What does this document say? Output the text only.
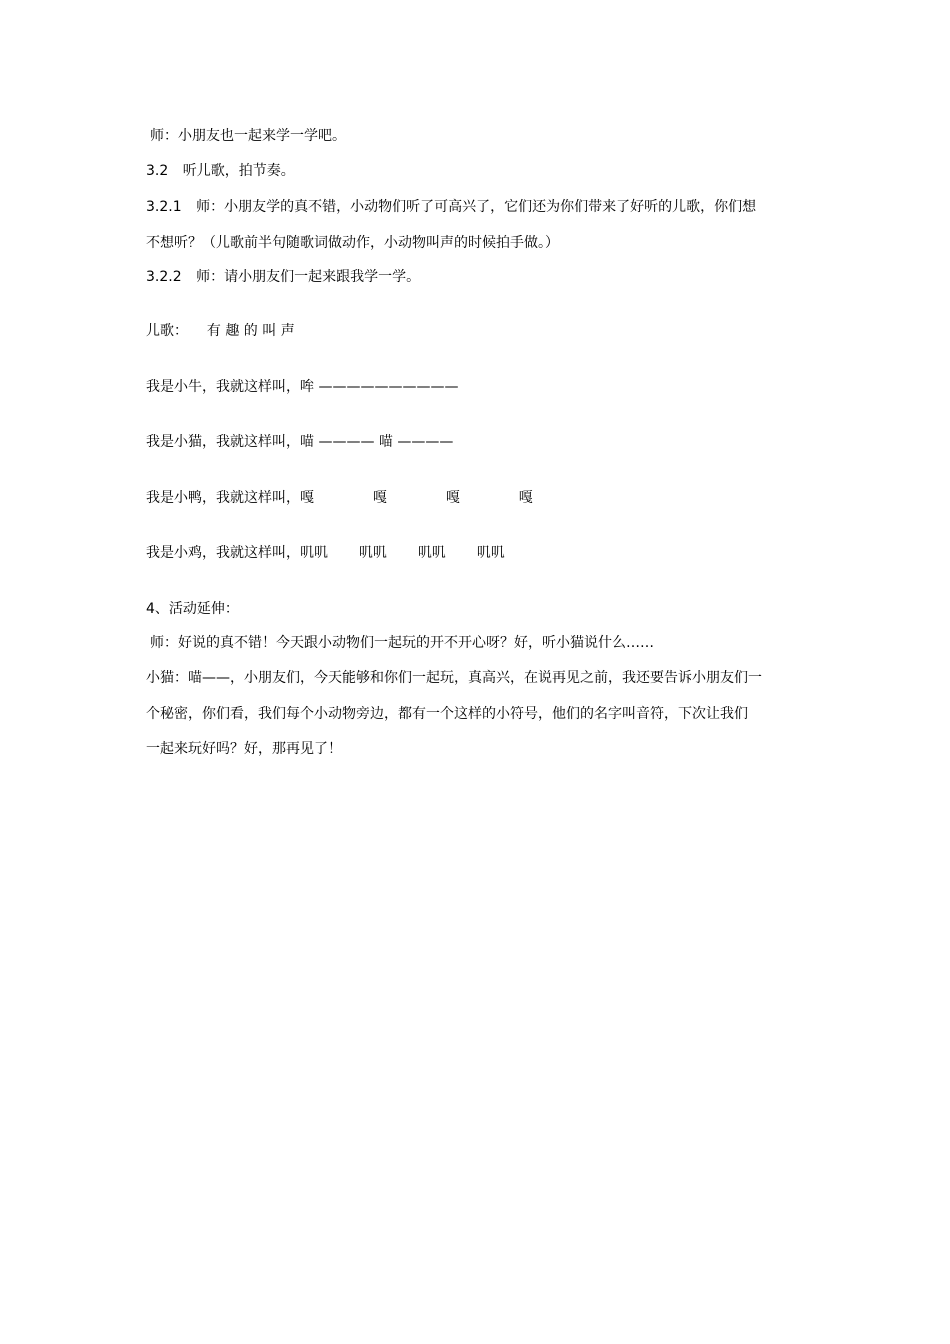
师：小朋友也一起来学一学吧。
3.2 听儿歌，拍节奏。
3.2.1 师：小朋友学的真不错，小动物们听了可高兴了，它们还为你们带来了好听的儿歌，你们想
不想听？（儿歌前半句随歌词做动作，小动物叫声的时候拍手做。）
3.2.2 师：请小朋友们一起来跟我学一学。
儿歌： 有 趣 的 叫 声
我是小牛，我就这样叫，哞 ——————————
我是小猫，我就这样叫，喵 ———— 喵 ————
我是小鸭，我就这样叫，嘎	嘎	嘎	嘎
我是小鸡，我就这样叫，叽叽 叽叽 叽叽 叽叽
4、活动延伸：
师：好说的真不错！今天跟小动物们一起玩的开不开心呀？好，听小猫说什么……
小猫：喵——，小朋友们，今天能够和你们一起玩，真高兴，在说再见之前，我还要告诉小朋友们一
个秘密，你们看，我们每个小动物旁边，都有一个这样的小符号，他们的名字叫音符，下次让我们
一起来玩好吗？好，那再见了！
